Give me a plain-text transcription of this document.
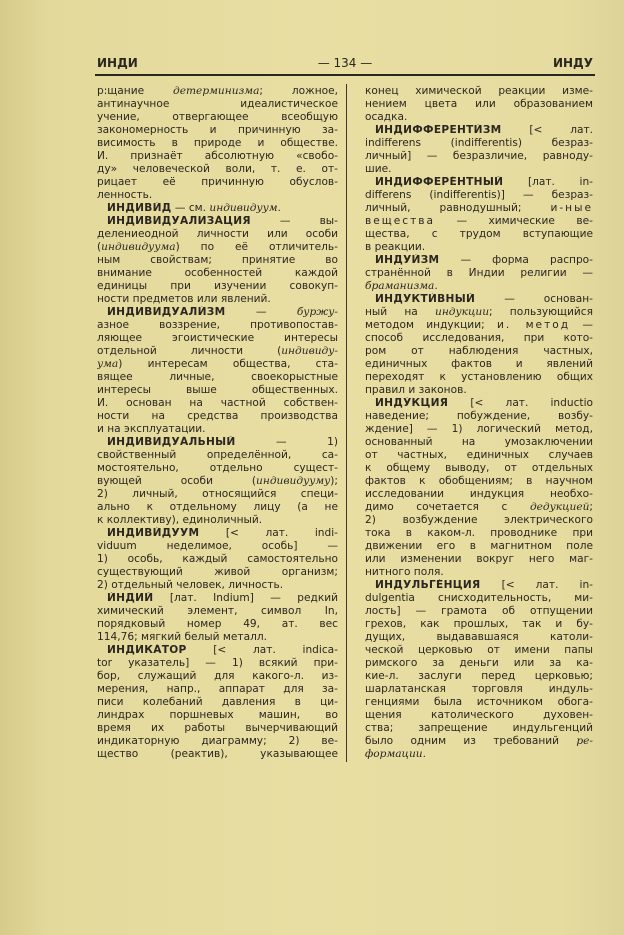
ИНДИ	— 134 —	ИНДУ
р:щание детерминизма; ложное,
антинаучное идеалистическое
учение, отвергающее всеобщую
закономерность и причинную за-
висимость в природе и обществе.
И. признаёт абсолютную «свобо-
ду» человеческой воли, т. е. от-
рицает её причинную обуслов-
ленность.
ИНДИВИ́Д — см. индивидуум.
ИНДИВИДУАЛИЗА́ЦИЯ — вы-
делениеодной личности или особи
(индивидуума) по её отличитель-
ным свойствам; принятие во
внимание особенностей каждой
единицы при изучении совокуп-
ности предметов или явлений.
ИНДИВИДУАЛИ́ЗМ — буржу-
азное воззрение, противопостав-
ляющее эгоистические интересы
отдельной личности (индивиду-
ума) интересам общества, ста-
вящее личные, своекорыстные
интересы выше общественных.
И. основан на частной собствен-
ности на средства производства
и на эксплуатации.
ИНДИВИДУА́ЛЬНЫЙ — 1)
свойственный определённой, са-
мостоятельно, отдельно сущест-
вующей особи (индивидууму);
2) личный, относящийся специ-
ально к отдельному лицу (а не
к коллективу), единоличный.
ИНДИВИ́ДУУМ [< лат. indi-
viduum неделимое, особь] —
1) особь, каждый самостоятельно
существующий живой организм;
2) отдельный человек, личность.
И́НДИЙ [лат. Indium] — редкий
химический элемент, символ In,
порядковый номер 49, ат. вес
114,76; мягкий белый металл.
ИНДИКА́ТОР [< лат. indica-
tor указатель] — 1) всякий при-
бор, служащий для какого-л. из-
мерения, напр., аппарат для за-
писи колебаний давления в ци-
линдрах поршневых машин, во
время их работы вычерчивающий
индикаторную диаграмму; 2) ве-
щество (реактив), указывающее
конец химической реакции изме-
нением цвета или образованием
осадка.
ИНДИФФЕРЕНТИ́ЗМ [< лат.
indifferens (indifferentis) безраз-
личный] — безразличие, равноду-
шие.
ИНДИФФЕРЕ́НТНЫЙ [лат. in-
differens (indifferentis)] — безраз-
личный, равнодушный; и-ные
вещества — химические ве-
щества, с трудом вступающие
в реакции.
ИНДУИ́ЗМ — форма распро-
странённой в Индии религии —
браманизма.
ИНДУКТИ́ВНЫЙ — основан-
ный на индукции; пользующийся
методом индукции; и. метод —
способ исследования, при кото-
ром от наблюдения частных,
единичных фактов и явлений
переходят к установлению общих
правил и законов.
ИНДУ́КЦИЯ [< лат. inductio
наведение; побуждение, возбу-
ждение] — 1) логический метод,
основанный на умозаключении
от частных, единичных случаев
к общему выводу, от отдельных
фактов к обобщениям; в научном
исследовании индукция необхо-
димо сочетается с дедукцией;
2) возбуждение электрического
тока в каком-л. проводнике при
движении его в магнитном поле
или изменении вокруг него маг-
нитного поля.
ИНДУЛЬГЕ́НЦИЯ [< лат. in-
dulgentia снисходительность, ми-
лость] — грамота об отпущении
грехов, как прошлых, так и бу-
дущих, выдававшаяся католи-
ческой церковью от имени папы
римского за деньги или за ка-
кие-л. заслуги перед церковью;
шарлатанская торговля индуль-
генциями была источником обога-
щения католического духовен-
ства; запрещение индульгенций
было одним из требований ре-
формации.
